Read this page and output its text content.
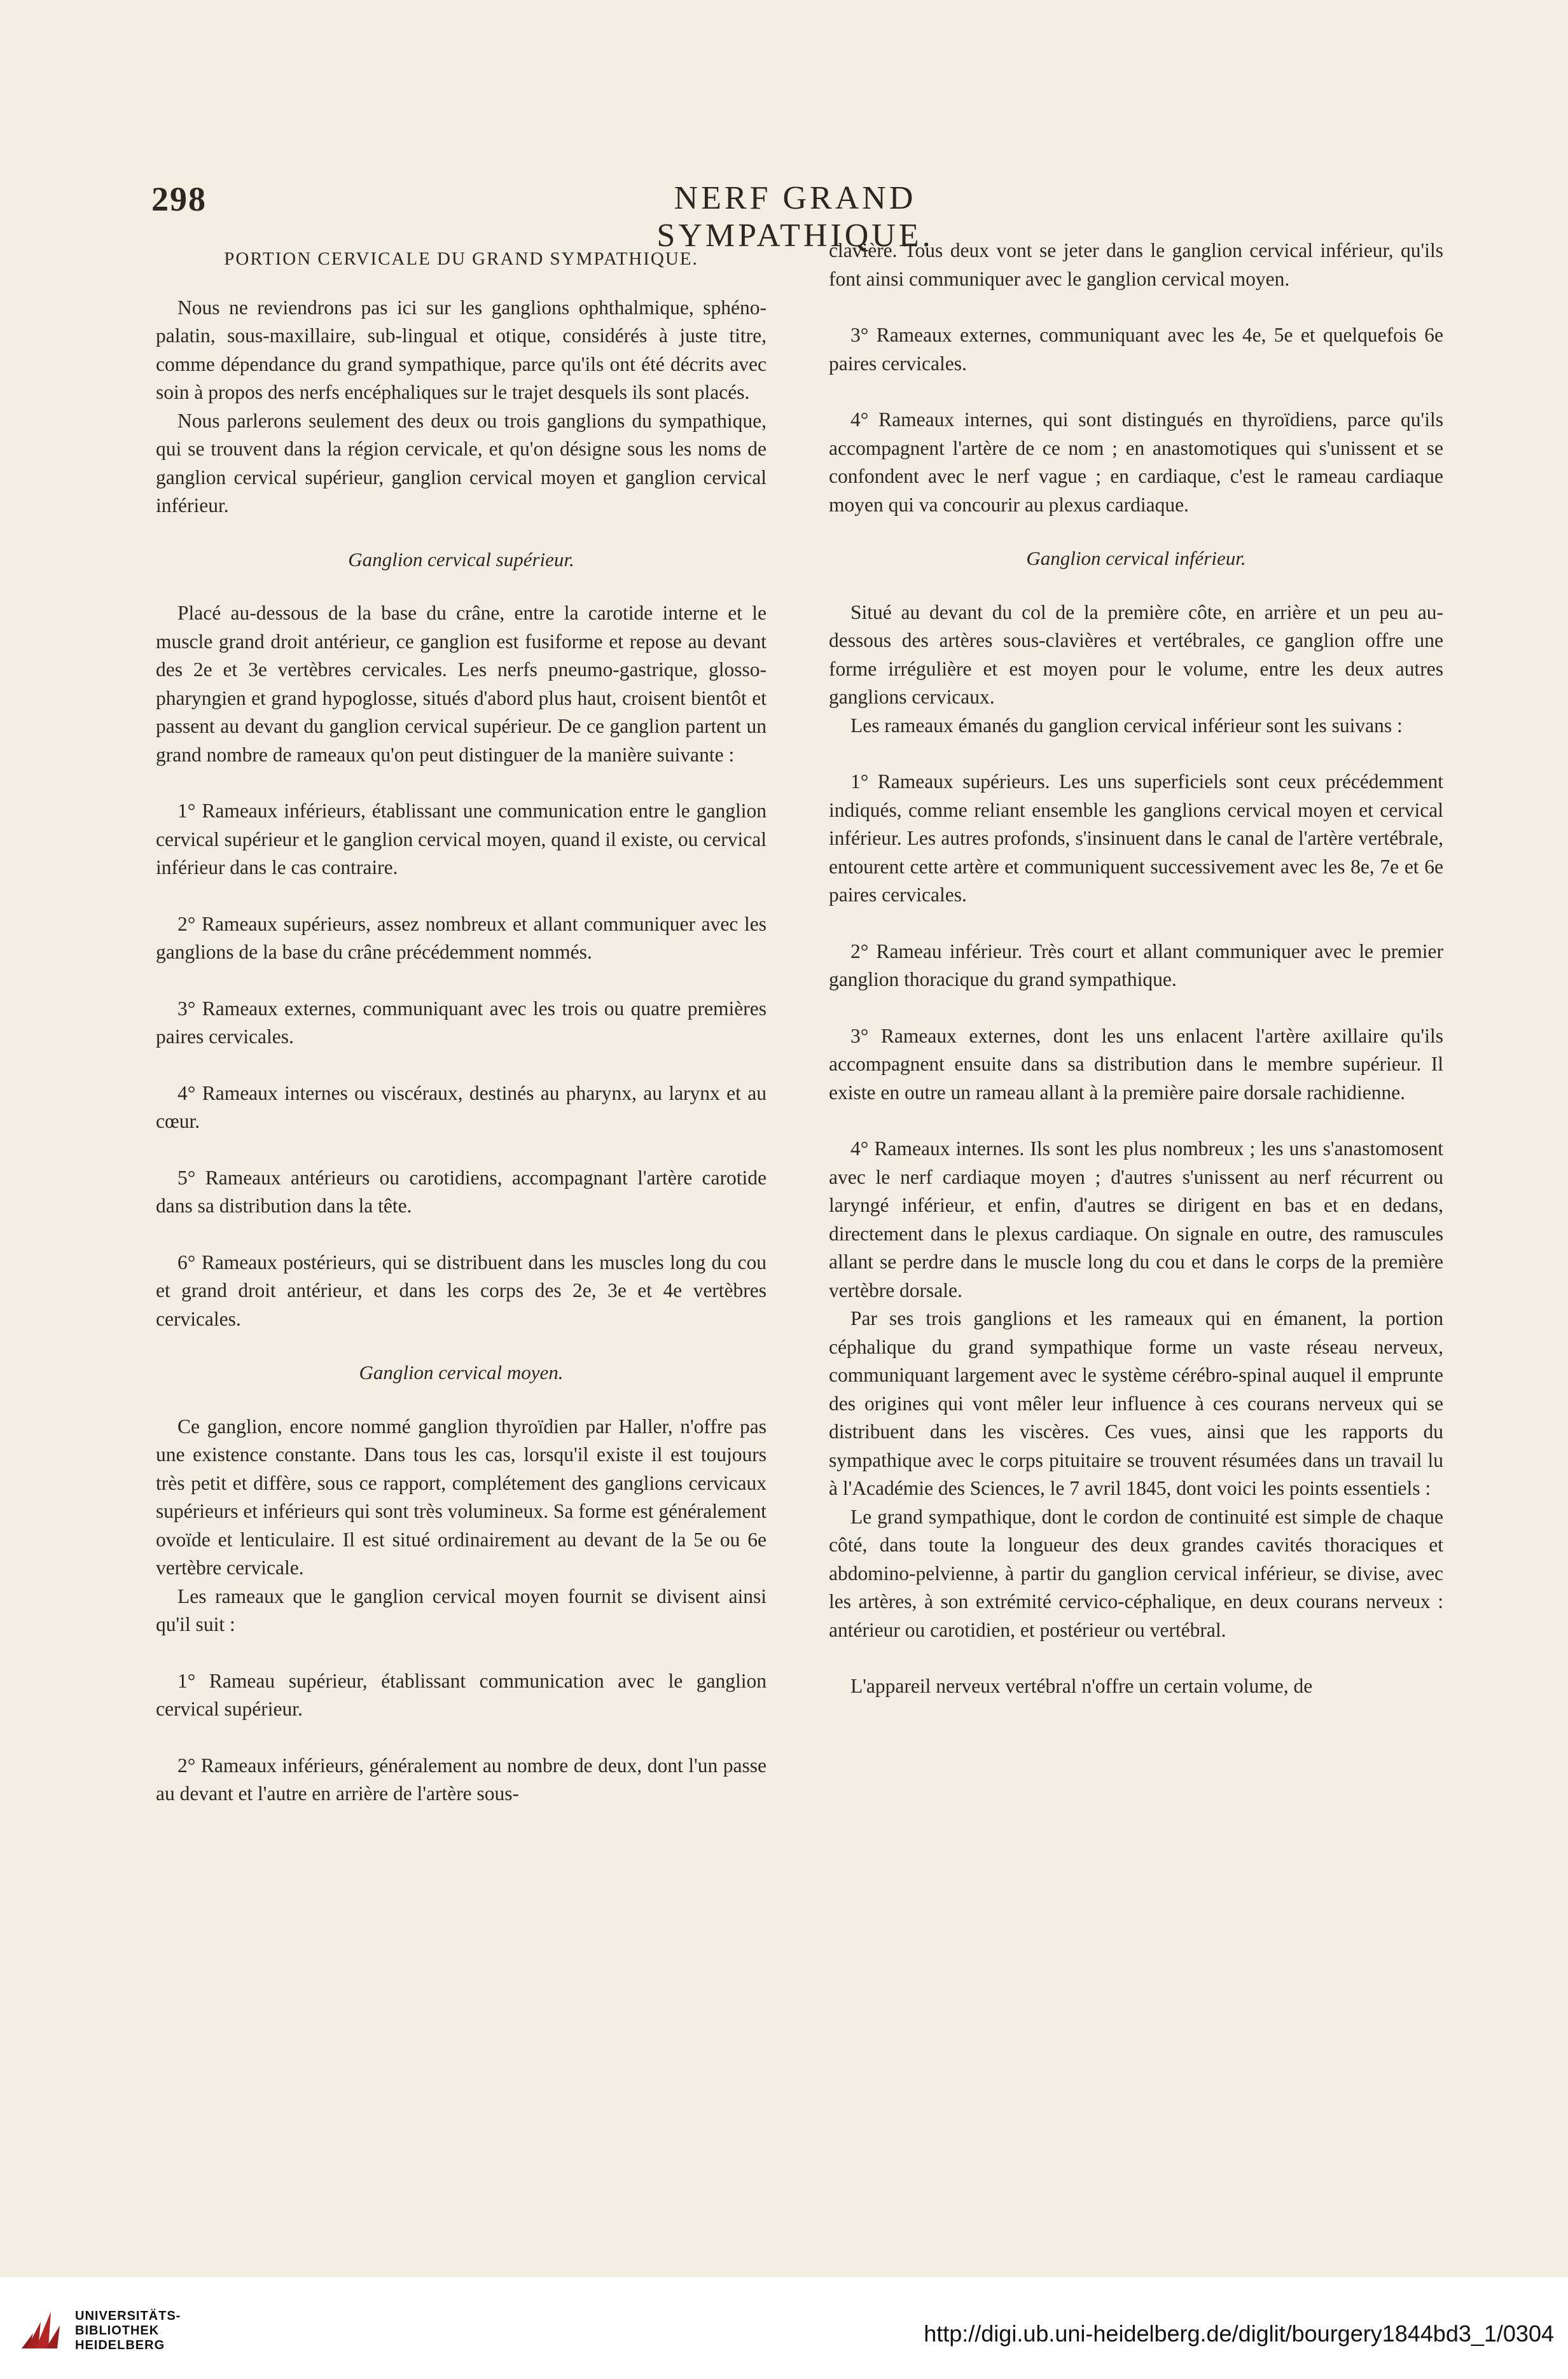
298	NERF GRAND SYMPATHIQUE.
PORTION CERVICALE DU GRAND SYMPATHIQUE.

Nous ne reviendrons pas ici sur les ganglions ophthalmique, sphéno-palatin, sous-maxillaire, sub-lingual et otique, considérés à juste titre, comme dépendance du grand sympathique, parce qu'ils ont été décrits avec soin à propos des nerfs encéphaliques sur le trajet desquels ils sont placés.

Nous parlerons seulement des deux ou trois ganglions du sympathique, qui se trouvent dans la région cervicale, et qu'on désigne sous les noms de ganglion cervical supérieur, ganglion cervical moyen et ganglion cervical inférieur.

Ganglion cervical supérieur.

Placé au-dessous de la base du crâne, entre la carotide interne et le muscle grand droit antérieur, ce ganglion est fusiforme et repose au devant des 2e et 3e vertèbres cervicales. Les nerfs pneumo-gastrique, glosso-pharyngien et grand hypoglosse, situés d'abord plus haut, croisent bientôt et passent au devant du ganglion cervical supérieur. De ce ganglion partent un grand nombre de rameaux qu'on peut distinguer de la manière suivante :

1° Rameaux inférieurs, établissant une communication entre le ganglion cervical supérieur et le ganglion cervical moyen, quand il existe, ou cervical inférieur dans le cas contraire.

2° Rameaux supérieurs, assez nombreux et allant communiquer avec les ganglions de la base du crâne précédemment nommés.

3° Rameaux externes, communiquant avec les trois ou quatre premières paires cervicales.

4° Rameaux internes ou viscéraux, destinés au pharynx, au larynx et au cœur.

5° Rameaux antérieurs ou carotidiens, accompagnant l'artère carotide dans sa distribution dans la tête.

6° Rameaux postérieurs, qui se distribuent dans les muscles long du cou et grand droit antérieur, et dans les corps des 2e, 3e et 4e vertèbres cervicales.

Ganglion cervical moyen.

Ce ganglion, encore nommé ganglion thyroïdien par Haller, n'offre pas une existence constante. Dans tous les cas, lorsqu'il existe il est toujours très petit et diffère, sous ce rapport, complétement des ganglions cervicaux supérieurs et inférieurs qui sont très volumineux. Sa forme est généralement ovoïde et lenticulaire. Il est situé ordinairement au devant de la 5e ou 6e vertèbre cervicale.

Les rameaux que le ganglion cervical moyen fournit se divisent ainsi qu'il suit :

1° Rameau supérieur, établissant communication avec le ganglion cervical supérieur.

2° Rameaux inférieurs, généralement au nombre de deux, dont l'un passe au devant et l'autre en arrière de l'artère sous-

clavière. Tous deux vont se jeter dans le ganglion cervical inférieur, qu'ils font ainsi communiquer avec le ganglion cervical moyen.

3° Rameaux externes, communiquant avec les 4e, 5e et quelquefois 6e paires cervicales.

4° Rameaux internes, qui sont distingués en thyroïdiens, parce qu'ils accompagnent l'artère de ce nom ; en anastomotiques qui s'unissent et se confondent avec le nerf vague ; en cardiaque, c'est le rameau cardiaque moyen qui va concourir au plexus cardiaque.

Ganglion cervical inférieur.

Situé au devant du col de la première côte, en arrière et un peu au-dessous des artères sous-clavières et vertébrales, ce ganglion offre une forme irrégulière et est moyen pour le volume, entre les deux autres ganglions cervicaux.

Les rameaux émanés du ganglion cervical inférieur sont les suivans :

1° Rameaux supérieurs. Les uns superficiels sont ceux précédemment indiqués, comme reliant ensemble les ganglions cervical moyen et cervical inférieur. Les autres profonds, s'insinuent dans le canal de l'artère vertébrale, entourent cette artère et communiquent successivement avec les 8e, 7e et 6e paires cervicales.

2° Rameau inférieur. Très court et allant communiquer avec le premier ganglion thoracique du grand sympathique.

3° Rameaux externes, dont les uns enlacent l'artère axillaire qu'ils accompagnent ensuite dans sa distribution dans le membre supérieur. Il existe en outre un rameau allant à la première paire dorsale rachidienne.

4° Rameaux internes. Ils sont les plus nombreux ; les uns s'anastomosent avec le nerf cardiaque moyen ; d'autres s'unissent au nerf récurrent ou laryngé inférieur, et enfin, d'autres se dirigent en bas et en dedans, directement dans le plexus cardiaque. On signale en outre, des ramuscules allant se perdre dans le muscle long du cou et dans le corps de la première vertèbre dorsale.

Par ses trois ganglions et les rameaux qui en émanent, la portion céphalique du grand sympathique forme un vaste réseau nerveux, communiquant largement avec le système cérébro-spinal auquel il emprunte des origines qui vont mêler leur influence à ces courans nerveux qui se distribuent dans les viscères. Ces vues, ainsi que les rapports du sympathique avec le corps pituitaire se trouvent résumées dans un travail lu à l'Académie des Sciences, le 7 avril 1845, dont voici les points essentiels :

Le grand sympathique, dont le cordon de continuité est simple de chaque côté, dans toute la longueur des deux grandes cavités thoraciques et abdomino-pelvienne, à partir du ganglion cervical inférieur, se divise, avec les artères, à son extrémité cervico-céphalique, en deux courans nerveux : antérieur ou carotidien, et postérieur ou vertébral.

L'appareil nerveux vertébral n'offre un certain volume, de

UNIVERSITÄTS-
BIBLIOTHEK
HEIDELBERG	http://digi.ub.uni-heidelberg.de/diglit/bourgery1844bd3_1/0304
